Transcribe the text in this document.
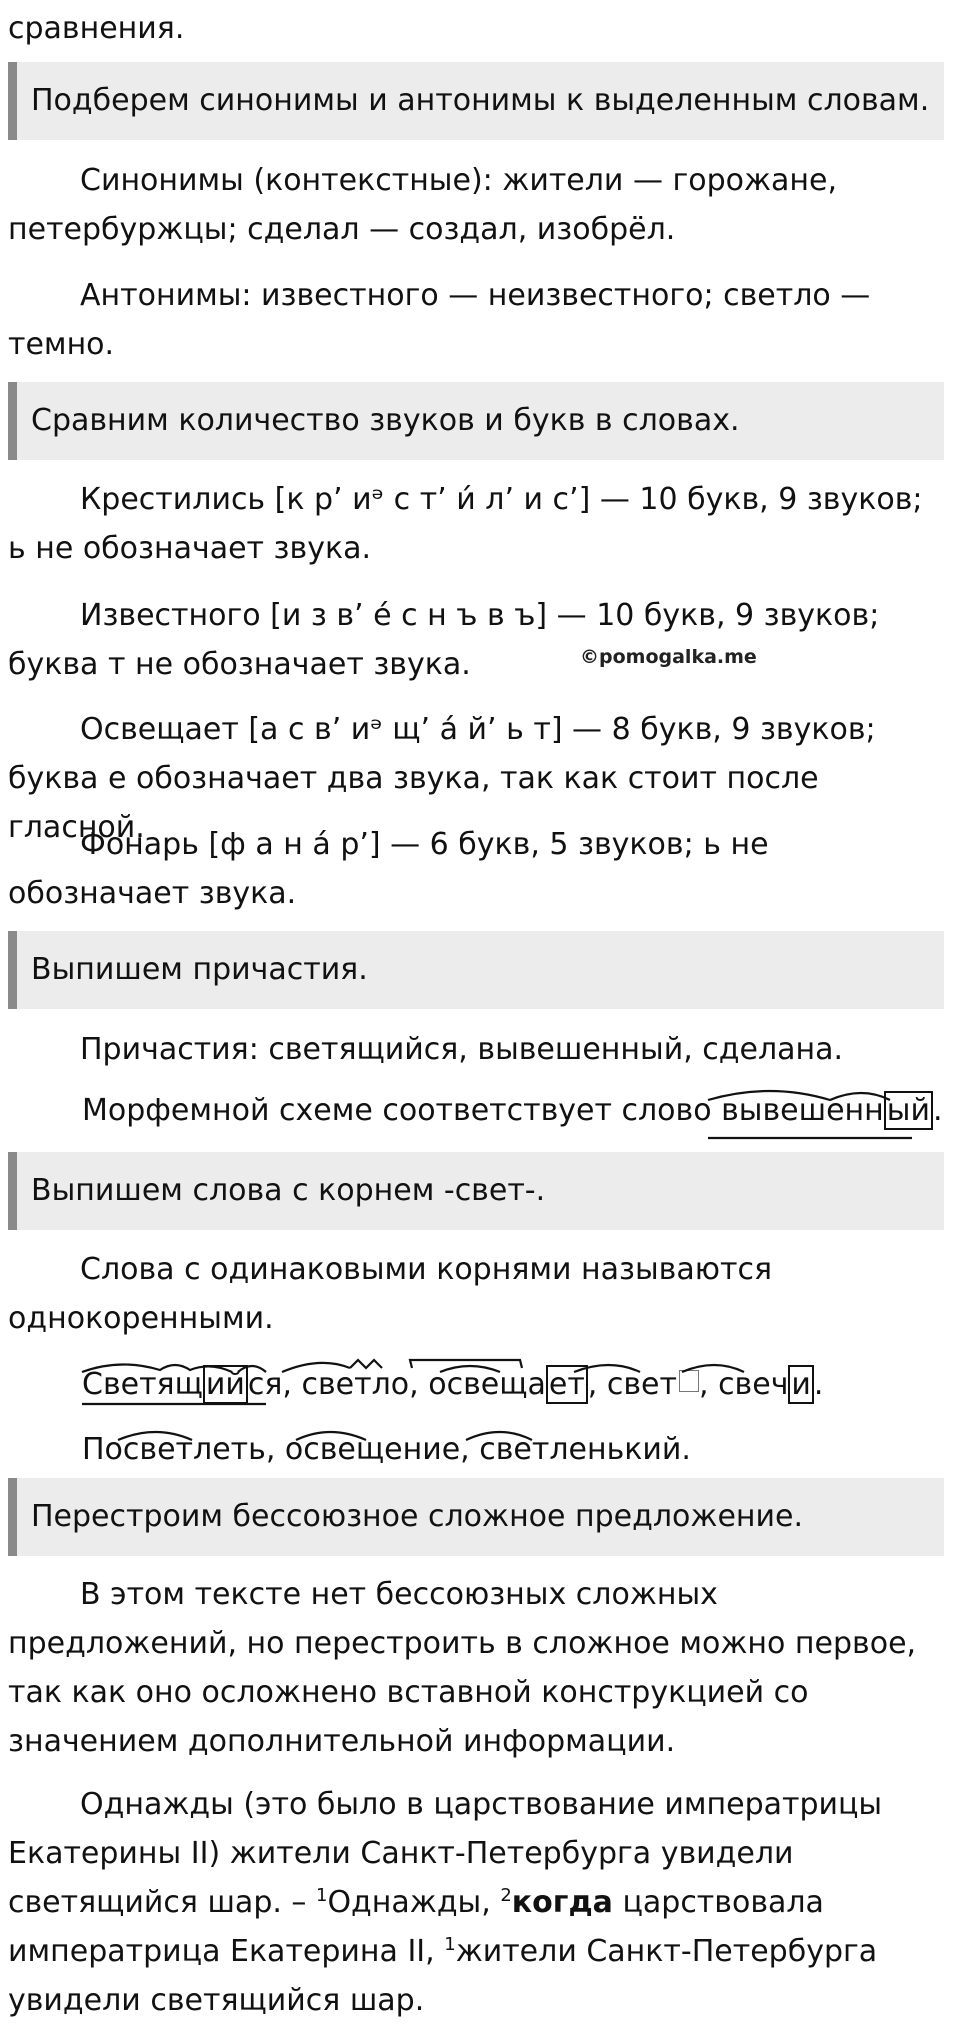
сравнения.

Подберем синонимы и антонимы к выделенным словам.

Синонимы (контекстные): жители — горожане, петербуржцы; сделал — создал, изобрёл.

Антонимы: известного — неизвестного; светло — темно.

Сравним количество звуков и букв в словах.

Крестились [к р’ иᵊ с т’ и́ л’ и с’] — 10 букв, 9 звуков; ь не обозначает звука.

Известного [и з в’ е́ с н ъ в ъ] — 10 букв, 9 звуков; буква т не обозначает звука.	©pomogalka.me

Освещает [а с в’ иᵊ щ’ а́ й’ ь т] — 8 букв, 9 звуков; буква е обозначает два звука, так как стоит после гласной.

Фонарь [ф а н а́ р’] — 6 букв, 5 звуков; ь не обозначает звука.

Выпишем причастия.

Причастия: светящийся, вывешенный, сделана.

Морфемной схеме соответствует слово вывешенн ый .
Выпишем слова с корнем -свет-.

Слова с одинаковыми корнями называются однокоренными.

Светящ ий ся, светло, освеща ет , свет , свеч и .
Посветлеть, освещение, светленький.
Перестроим бессоюзное сложное предложение.

В этом тексте нет бессоюзных сложных предложений, но перестроить в сложное можно первое, так как оно осложнено вставной конструкцией со значением дополнительной информации.

Однажды (это было в царствование императрицы Екатерины II) жители Санкт-Петербурга увидели светящийся шар. – $^1$Однажды, $^2$когда царствовала императрица Екатерина II, $^1$жители Санкт-Петербурга увидели светящийся шар.
